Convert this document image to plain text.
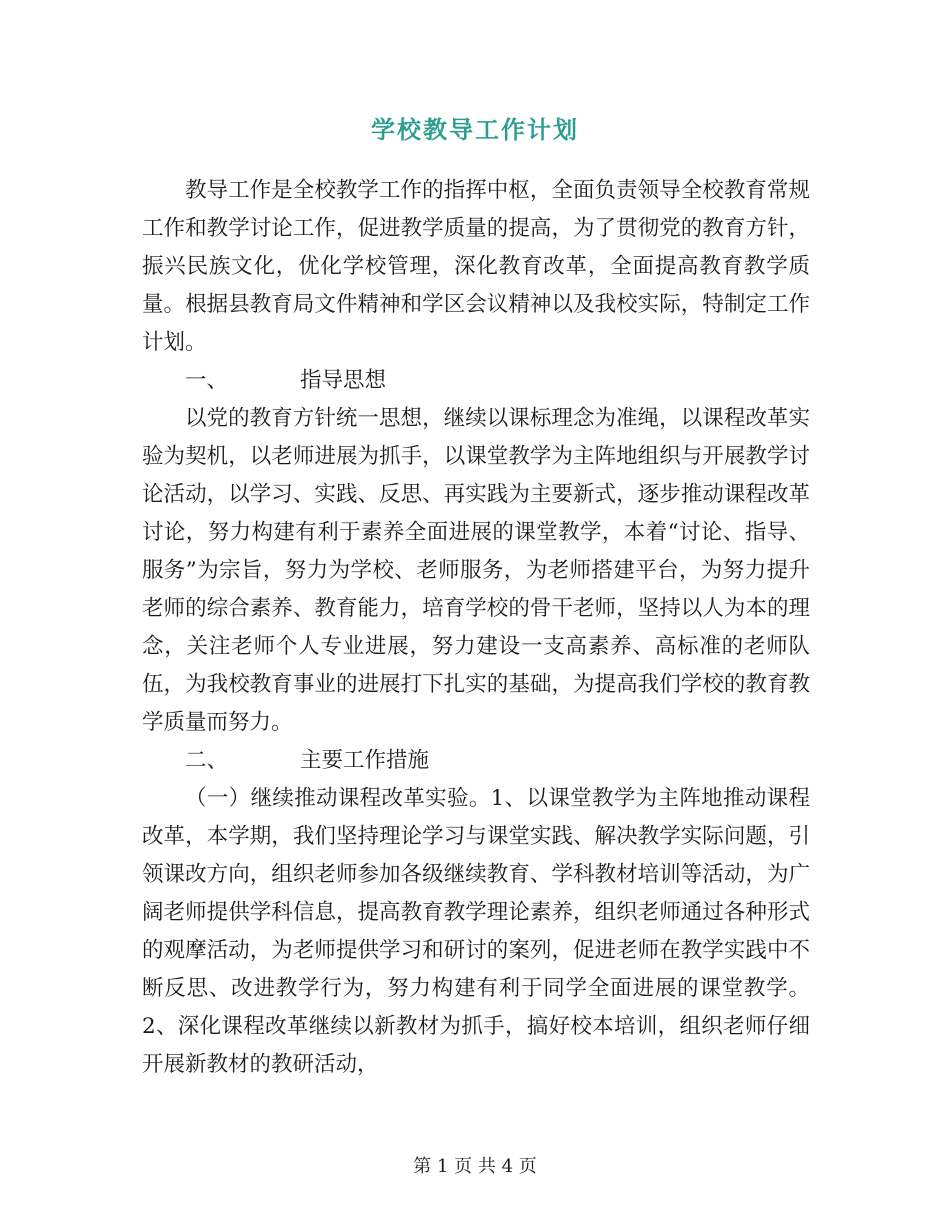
学校教导工作计划

教导工作是全校教学工作的指挥中枢，全面负责领导全校教育常规工作和教学讨论工作，促进教学质量的提高，为了贯彻党的教育方针，振兴民族文化，优化学校管理，深化教育改革，全面提高教育教学质量。根据县教育局文件精神和学区会议精神以及我校实际，特制定工作计划。

一、	指导思想

以党的教育方针统一思想，继续以课标理念为准绳，以课程改革实验为契机，以老师进展为抓手，以课堂教学为主阵地组织与开展教学讨论活动，以学习、实践、反思、再实践为主要新式，逐步推动课程改革讨论，努力构建有利于素养全面进展的课堂教学，本着“讨论、指导、服务”为宗旨，努力为学校、老师服务，为老师搭建平台，为努力提升老师的综合素养、教育能力，培育学校的骨干老师，坚持以人为本的理念，关注老师个人专业进展，努力建设一支高素养、高标准的老师队伍，为我校教育事业的进展打下扎实的基础，为提高我们学校的教育教学质量而努力。

二、	主要工作措施

（一）继续推动课程改革实验。1、以课堂教学为主阵地推动课程改革，本学期，我们坚持理论学习与课堂实践、解决教学实际问题，引领课改方向，组织老师参加各级继续教育、学科教材培训等活动，为广阔老师提供学科信息，提高教育教学理论素养，组织老师通过各种形式的观摩活动，为老师提供学习和研讨的案列，促进老师在教学实践中不断反思、改进教学行为，努力构建有利于同学全面进展的课堂教学。2、深化课程改革继续以新教材为抓手，搞好校本培训，组织老师仔细开展新教材的教研活动，

第 1 页 共 4 页
